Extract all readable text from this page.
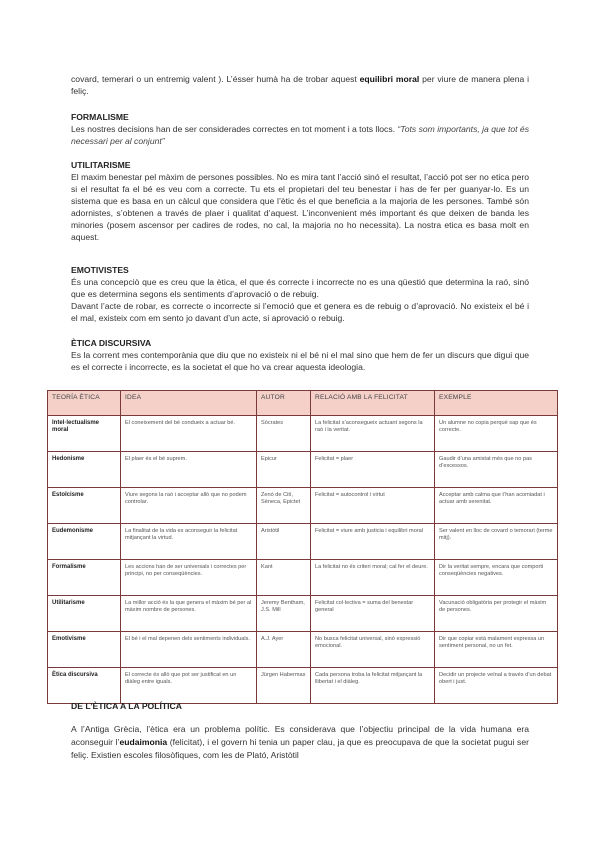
covard, temerari o un entremig valent ). L’ésser humà ha de trobar aquest equilibri moral per viure de manera plena i feliç.

FORMALISME

Les nostres decisions han de ser considerades correctes en tot moment i a tots llocs. “Tots som importants, ja que tot és necessari per al conjunt”

UTILITARISME

El maxim benestar pel màxim de persones possibles. No es mira tant l’acció sinó el resultat, l’acció pot ser no etica pero si el resultat fa el bé es veu com a correcte. Tu ets el propietari del teu benestar i has de fer per guanyar-lo. Es un sistema que es basa en un càlcul que considera que l’ètic és el que beneficia a la majoria de les persones. També són adornistes, s’obtenen a través de plaer i qualitat d’aquest. L’inconvenient més important és que deixen de banda les minories (posem ascensor per cadires de rodes, no cal, la majoria no ho necessita). La nostra etica es basa molt en aquest.

EMOTIVISTES

És una concepciò que es creu que la ètica, el que és correcte i incorrecte no es una qüestió que determina la raó, sinó que es determina segons els sentiments d’aprovació o de rebuig.

Davant l’acte de robar, es correcte o incorrecte si l’emoció que et genera es de rebuig o d’aprovació. No existeix el bé i el mal, existeix com em sento jo davant d’un acte, si aprovació o rebuig.

ÈTICA DISCURSIVA

Es la corrent mes contemporània que diu que no existeix ni el bé ni el mal sino que hem de fer un discurs que digui que es el correcte i incorrecte, es la societat el que ho va crear aquesta ideologia.

TEORÍA ÉTICA	IDEA	AUTOR	RELACIÓ AMB LA FELICITAT	EXEMPLE
Intel·lectualisme moral	El coneixement del bé condueix a actuar bé.	Sòcrates	La felicitat s’aconsegueix actuant segons la raó i la veritat.	Un alumne no copia perquè sap que és correcte.
Hedonisme	El plaer és el bé suprem.	Epicur	Felicitat = plaer	Gaudir d’una amistat més que no pas d’excessos.
Estoïcisme	Viure segons la raó i acceptar allò que no podem controlar.	Zenó de Cití, Sèneca, Epictet	Felicitat = autocontrol i virtut	Acceptar amb calma que t’han acomiadat i actuar amb serenitat.
Eudemonisme	La finalitat de la vida es aconseguir la felicitat mitjançant la virtud.	Aristòtil	Felicitat = viure amb justicia i equilibri moral	Ser valent en lloc de covard o temorari (terme mitj).
Formalisme	Les accions han de ser universals i correctes per principi, no per conseqüències.	Kant	La felicitat no és criteri moral; cal fer el deure.	Dir la veritat sempre, encara que comporti conseqüències negatives.
Utilitarisme	La millor acció és la que genera el màxim bé per al màxim nombre de persones.	Jeremy Bentham, J.S. Mill	Felicitat col·lectiva = suma del benestar general	Vacunació obligatòria per protegir el màxim de persones.
Emotivisme	El bé i el mal depenen dels sentiments individuals.	A.J. Ayer	No busca felicitat universal, sinó expressió emocional.	Dir que copiar està malament expressa un sentiment personal, no un fet.
Ètica discursiva	El correcte és allò que pot ser justificat en un diàleg entre iguals.	Jürgen Habermas	Cada persona troba la felicitat mitjançant la llibertat i el diàleg.	Decidir un projecte veïnal a través d’un debat obert i just.
DE L’ÈTICA A LA POLÍTICA

A l’Antiga Grècia, l’ètica era un problema polític. Es considerava que l’objectiu principal de la vida humana era aconseguir l’eudaimonia (felicitat), i el govern hi tenia un paper clau, ja que es preocupava de que la societat pugui ser feliç. Existien escoles filosòfiques, com les de Plató, Aristòtil
